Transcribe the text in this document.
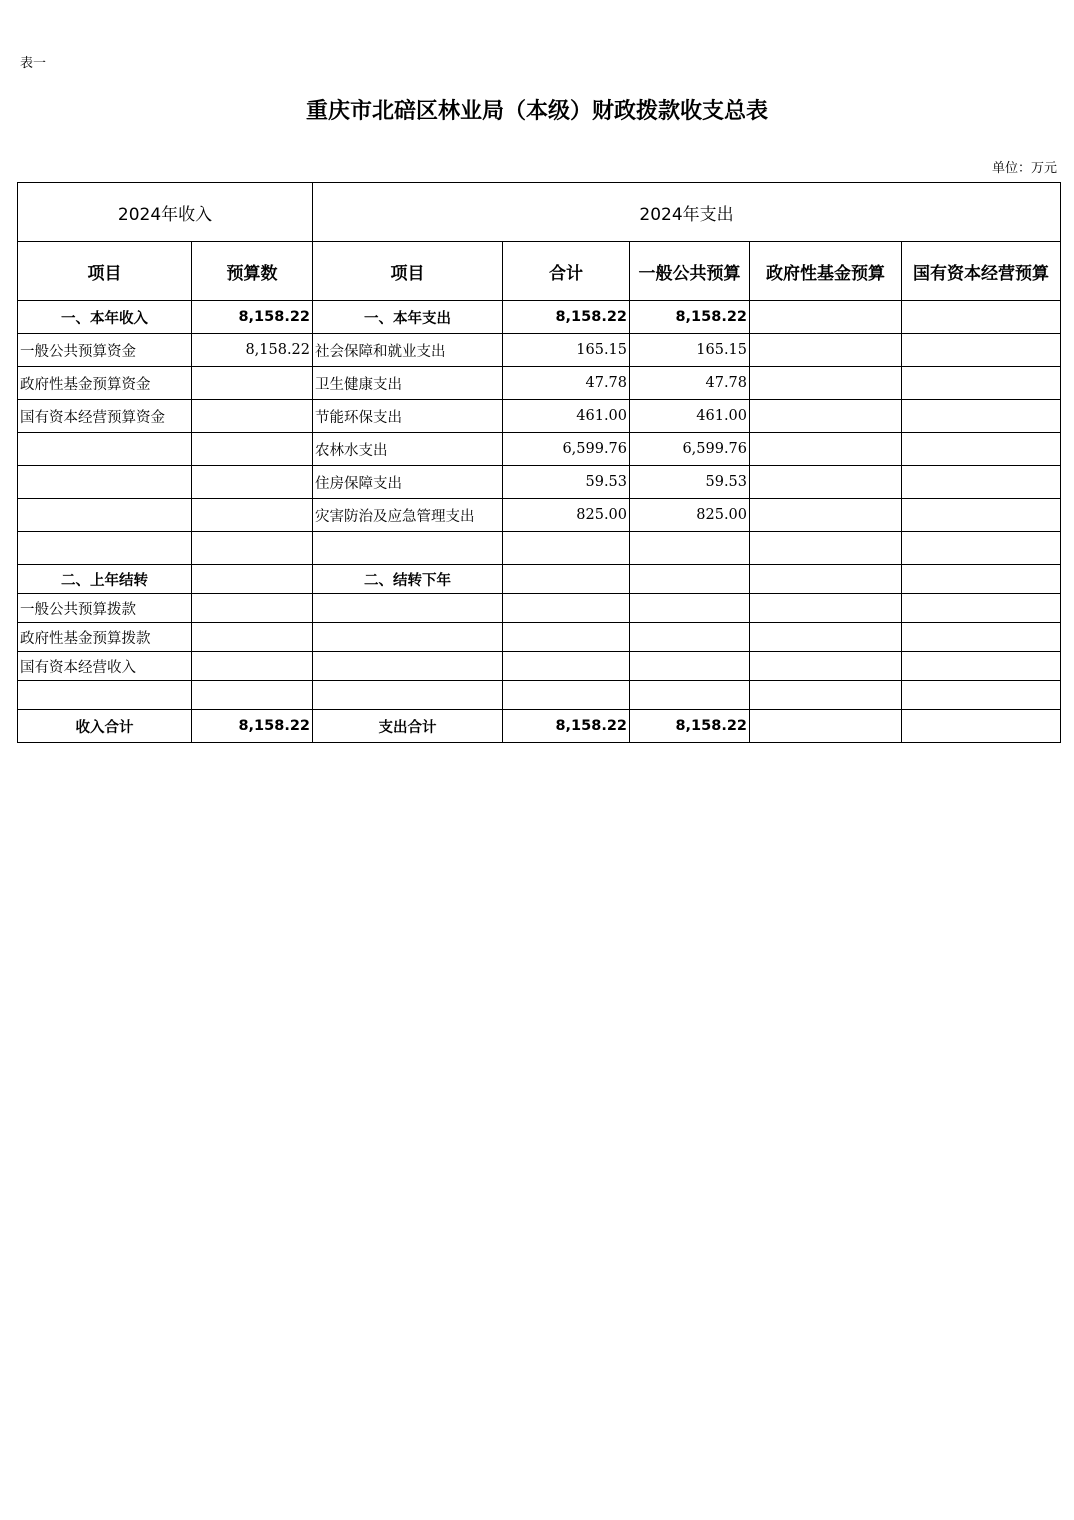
表一
重庆市北碚区林业局（本级）财政拨款收支总表
单位：万元
2024年收入		2024年支出				
项目	预算数	项目	合计	一般公共预算	政府性基金预算	国有资本经营预算
一、本年收入	8,158.22	一、本年支出	8,158.22	8,158.22		
一般公共预算资金	8,158.22	社会保障和就业支出	165.15	165.15		
政府性基金预算资金		卫生健康支出	47.78	47.78		
国有资本经营预算资金		节能环保支出	461.00	461.00		
		农林水支出	6,599.76	6,599.76		
		住房保障支出	59.53	59.53		
		灾害防治及应急管理支出	825.00	825.00		

二、上年结转		二、结转下年				
一般公共预算拨款						
政府性基金预算拨款						
国有资本经营收入						

收入合计	8,158.22	支出合计	8,158.22	8,158.22		
